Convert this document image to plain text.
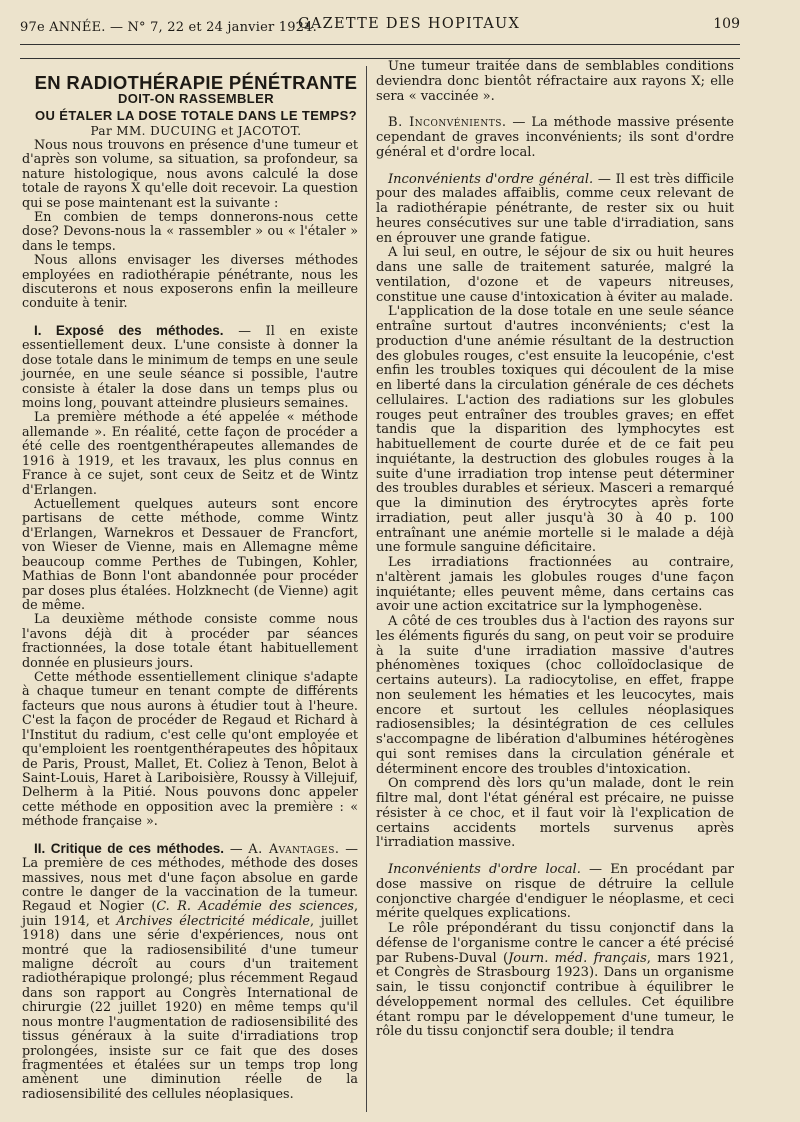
97e ANNÉE. — N° 7, 22 et 24 janvier 1924.
GAZETTE DES HOPITAUX	109

EN RADIOTHÉRAPIE PÉNÉTRANTE

DOIT-ON RASSEMBLER

OU ÉTALER LA DOSE TOTALE DANS LE TEMPS?

Par MM. DUCUING et JACOTOT.

Nous nous trouvons en présence d'une tumeur et d'après son volume, sa situation, sa profondeur, sa nature histologique, nous avons calculé la dose totale de rayons X qu'elle doit recevoir. La question qui se pose maintenant est la suivante :

En combien de temps donnerons-nous cette dose? Devons-nous la « rassembler » ou « l'étaler » dans le temps.

Nous allons envisager les diverses méthodes employées en radiothérapie pénétrante, nous les discuterons et nous exposerons enfin la meilleure conduite à tenir.

I. Exposé des méthodes. — Il en existe essentiellement deux. L'une consiste à donner la dose totale dans le minimum de temps en une seule journée, en une seule séance si possible, l'autre consiste à étaler la dose dans un temps plus ou moins long, pouvant atteindre plusieurs semaines.

La première méthode a été appelée « méthode allemande ». En réalité, cette façon de procéder a été celle des roentgenthérapeutes allemandes de 1916 à 1919, et les travaux, les plus connus en France à ce sujet, sont ceux de Seitz et de Wintz d'Erlangen.

Actuellement quelques auteurs sont encore partisans de cette méthode, comme Wintz d'Erlangen, Warnekros et Dessauer de Francfort, von Wieser de Vienne, mais en Allemagne même beaucoup comme Perthes de Tubingen, Kohler, Mathias de Bonn l'ont abandonnée pour procéder par doses plus étalées. Holzknecht (de Vienne) agit de même.

La deuxième méthode consiste comme nous l'avons déjà dit à procéder par séances fractionnées, la dose totale étant habituellement donnée en plusieurs jours.

Cette méthode essentiellement clinique s'adapte à chaque tumeur en tenant compte de différents facteurs que nous aurons à étudier tout à l'heure. C'est la façon de procéder de Regaud et Richard à l'Institut du radium, c'est celle qu'ont employée et qu'emploient les roentgenthérapeutes des hôpitaux de Paris, Proust, Mallet, Et. Coliez à Tenon, Belot à Saint-Louis, Haret à Lariboisière, Roussy à Villejuif, Delherm à la Pitié. Nous pouvons donc appeler cette méthode en opposition avec la première : « méthode française ».

II. Critique de ces méthodes. — A. Avantages. — La première de ces méthodes, méthode des doses massives, nous met d'une façon absolue en garde contre le danger de la vaccination de la tumeur. Regaud et Nogier (C. R. Académie des sciences, juin 1914, et Archives électricité médicale, juillet 1918) dans une série d'expériences, nous ont montré que la radiosensibilité d'une tumeur maligne décroît au cours d'un traitement radiothérapique prolongé; plus récemment Regaud dans son rapport au Congrès International de chirurgie (22 juillet 1920) en même temps qu'il nous montre l'augmentation de radiosensibilité des tissus généraux à la suite d'irradiations trop prolongées, insiste sur ce fait que des doses fragmentées et étalées sur un temps trop long amènent une diminution réelle de la radiosensibilité des cellules néoplasiques.

Une tumeur traitée dans de semblables conditions deviendra donc bientôt réfractaire aux rayons X; elle sera « vaccinée ».

B. Inconvénients. — La méthode massive présente cependant de graves inconvénients; ils sont d'ordre général et d'ordre local.

Inconvénients d'ordre général. — Il est très difficile pour des malades affaiblis, comme ceux relevant de la radiothérapie pénétrante, de rester six ou huit heures consécutives sur une table d'irradiation, sans en éprouver une grande fatigue.

A lui seul, en outre, le séjour de six ou huit heures dans une salle de traitement saturée, malgré la ventilation, d'ozone et de vapeurs nitreuses, constitue une cause d'intoxication à éviter au malade.

L'application de la dose totale en une seule séance entraîne surtout d'autres inconvénients; c'est la production d'une anémie résultant de la destruction des globules rouges, c'est ensuite la leucopénie, c'est enfin les troubles toxiques qui découlent de la mise en liberté dans la circulation générale de ces déchets cellulaires. L'action des radiations sur les globules rouges peut entraîner des troubles graves; en effet tandis que la disparition des lymphocytes est habituellement de courte durée et de ce fait peu inquiétante, la destruction des globules rouges à la suite d'une irradiation trop intense peut déterminer des troubles durables et sérieux. Masceri a remarqué que la diminution des érytrocytes après forte irradiation, peut aller jusqu'à 30 à 40 p. 100 entraînant une anémie mortelle si le malade a déjà une formule sanguine déficitaire.

Les irradiations fractionnées au contraire, n'altèrent jamais les globules rouges d'une façon inquiétante; elles peuvent même, dans certains cas avoir une action excitatrice sur la lymphogenèse.

A côté de ces troubles dus à l'action des rayons sur les éléments figurés du sang, on peut voir se produire à la suite d'une irradiation massive d'autres phénomènes toxiques (choc colloïdoclasique de certains auteurs). La radiocytolise, en effet, frappe non seulement les hématies et les leucocytes, mais encore et surtout les cellules néoplasiques radiosensibles; la désintégration de ces cellules s'accompagne de libération d'albumines hétérogènes qui sont remises dans la circulation générale et déterminent encore des troubles d'intoxication.

On comprend dès lors qu'un malade, dont le rein filtre mal, dont l'état général est précaire, ne puisse résister à ce choc, et il faut voir là l'explication de certains accidents mortels survenus après l'irradiation massive.

Inconvénients d'ordre local. — En procédant par dose massive on risque de détruire la cellule conjonctive chargée d'endiguer le néoplasme, et ceci mérite quelques explications.

Le rôle prépondérant du tissu conjonctif dans la défense de l'organisme contre le cancer a été précisé par Rubens-Duval (Journ. méd. français, mars 1921, et Congrès de Strasbourg 1923). Dans un organisme sain, le tissu conjonctif contribue à équilibrer le développement normal des cellules. Cet équilibre étant rompu par le développement d'une tumeur, le rôle du tissu conjonctif sera double; il tendra
